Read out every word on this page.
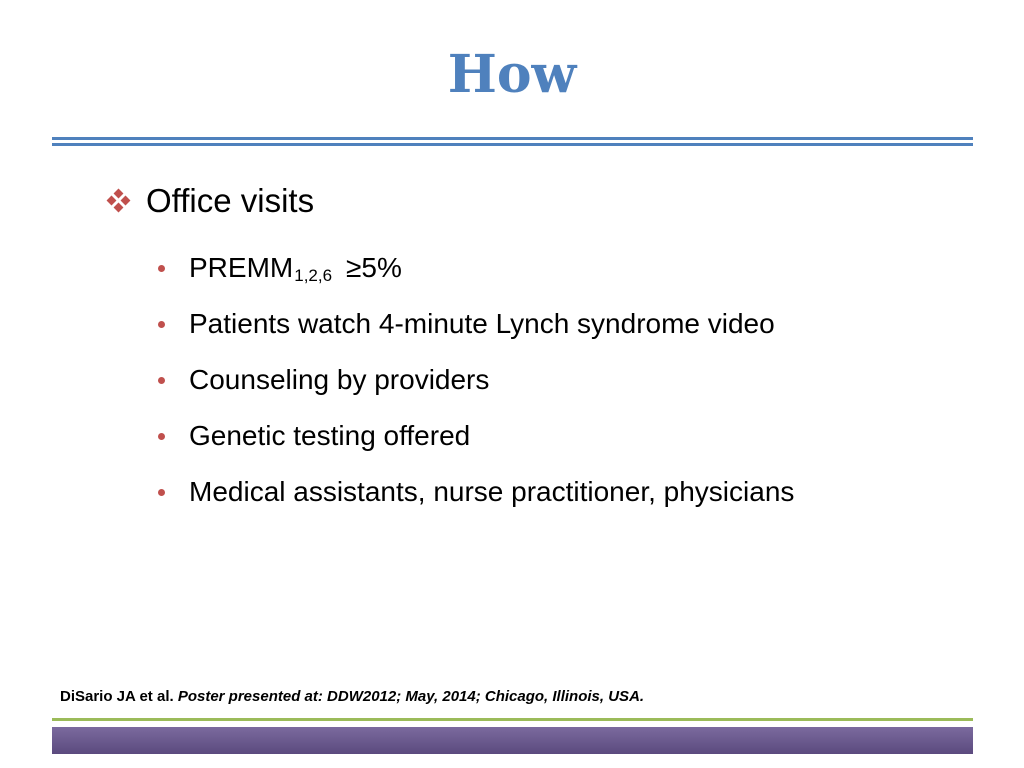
How
Office visits
PREMM 1,2,6 ≥5%
Patients watch 4-minute Lynch syndrome video
Counseling by providers
Genetic testing offered
Medical assistants, nurse practitioner, physicians
DiSario JA et al. Poster presented at: DDW2012; May, 2014; Chicago, Illinois, USA.
